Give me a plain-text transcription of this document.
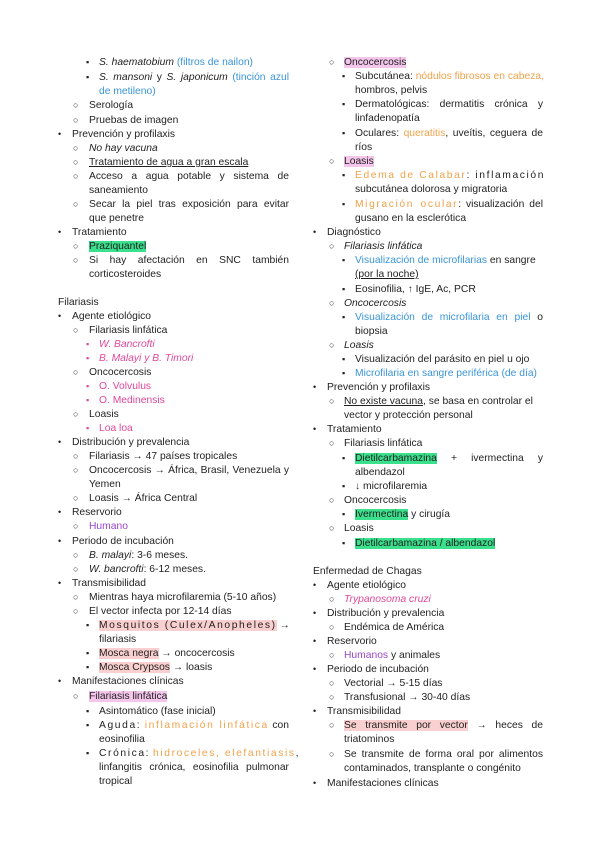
▪ S. haematobium (filtros de nailon)
▪ S. mansoni y S. japonicum (tinción azul
de metileno)
○ Serología
○ Pruebas de imagen
• Prevención y profilaxis
○ No hay vacuna
○ Tratamiento de agua a gran escala
○ Acceso a agua potable y sistema de
saneamiento
○ Secar la piel tras exposición para evitar
que penetre
• Tratamiento
○ Praziquantel
○ Si hay afectación en SNC también
corticosteroides
Filariasis
• Agente etiológico
○ Filariasis linfática
▪ W. Bancrofti
▪ B. Malayi y B. Timori
○ Oncocercosis
▪ O. Volvulus
▪ O. Medinensis
○ Loasis
▪ Loa loa
• Distribución y prevalencia
○ Filariasis → 47 países tropicales
○ Oncocercosis → África, Brasil, Venezuela y
Yemen
○ Loasis → África Central
• Reservorio
○ Humano
• Periodo de incubación
○ B. malayi: 3-6 meses.
○ W. bancrofti: 6-12 meses.
• Transmisibilidad
○ Mientras haya microfilaremia (5-10 años)
○ El vector infecta por 12-14 días
▪ Mosquitos (Culex/Anopheles) →
filariasis
▪ Mosca negra → oncocercosis
▪ Mosca Crypsos → loasis
• Manifestaciones clínicas
○ Filariasis linfática
▪ Asintomático (fase inicial)
▪ Aguda: inflamación linfática con
eosinofilia
▪ Crónica: hidroceles, elefantiasis,
linfangitis crónica, eosinofilia pulmonar
tropical
○ Oncocercosis
▪ Subcutánea: nódulos fibrosos en cabeza,
hombros, pelvis
▪ Dermatológicas: dermatitis crónica y
linfadenopatía
▪ Oculares: queratitis, uveítis, ceguera de
ríos
○ Loasis
▪ Edema de Calabar: inflamación
subcutánea dolorosa y migratoria
▪ Migración ocular: visualización del
gusano en la esclerótica
• Diagnóstico
○ Filariasis linfática
▪ Visualización de microfilarias en sangre
(por la noche)
▪ Eosinofilia, ↑ IgE, Ac, PCR
○ Oncocercosis
▪ Visualización de microfilaria en piel o
biopsia
○ Loasis
▪ Visualización del parásito en piel u ojo
▪ Microfilaria en sangre periférica (de día)
• Prevención y profilaxis
○ No existe vacuna, se basa en controlar el
vector y protección personal
• Tratamiento
○ Filariasis linfática
▪ Dietilcarbamazina + ivermectina y
albendazol
▪ ↓ microfilaremia
○ Oncocercosis
▪ Ivermectina y cirugía
○ Loasis
▪ Dietilcarbamazina / albendazol
Enfermedad de Chagas
• Agente etiológico
○ Trypanosoma cruzi
• Distribución y prevalencia
○ Endémica de América
• Reservorio
○ Humanos y animales
• Periodo de incubación
○ Vectorial → 5-15 días
○ Transfusional → 30-40 días
• Transmisibilidad
○ Se transmite por vector → heces de
triatominos
○ Se transmite de forma oral por alimentos
contaminados, transplante o congénito
• Manifestaciones clínicas
